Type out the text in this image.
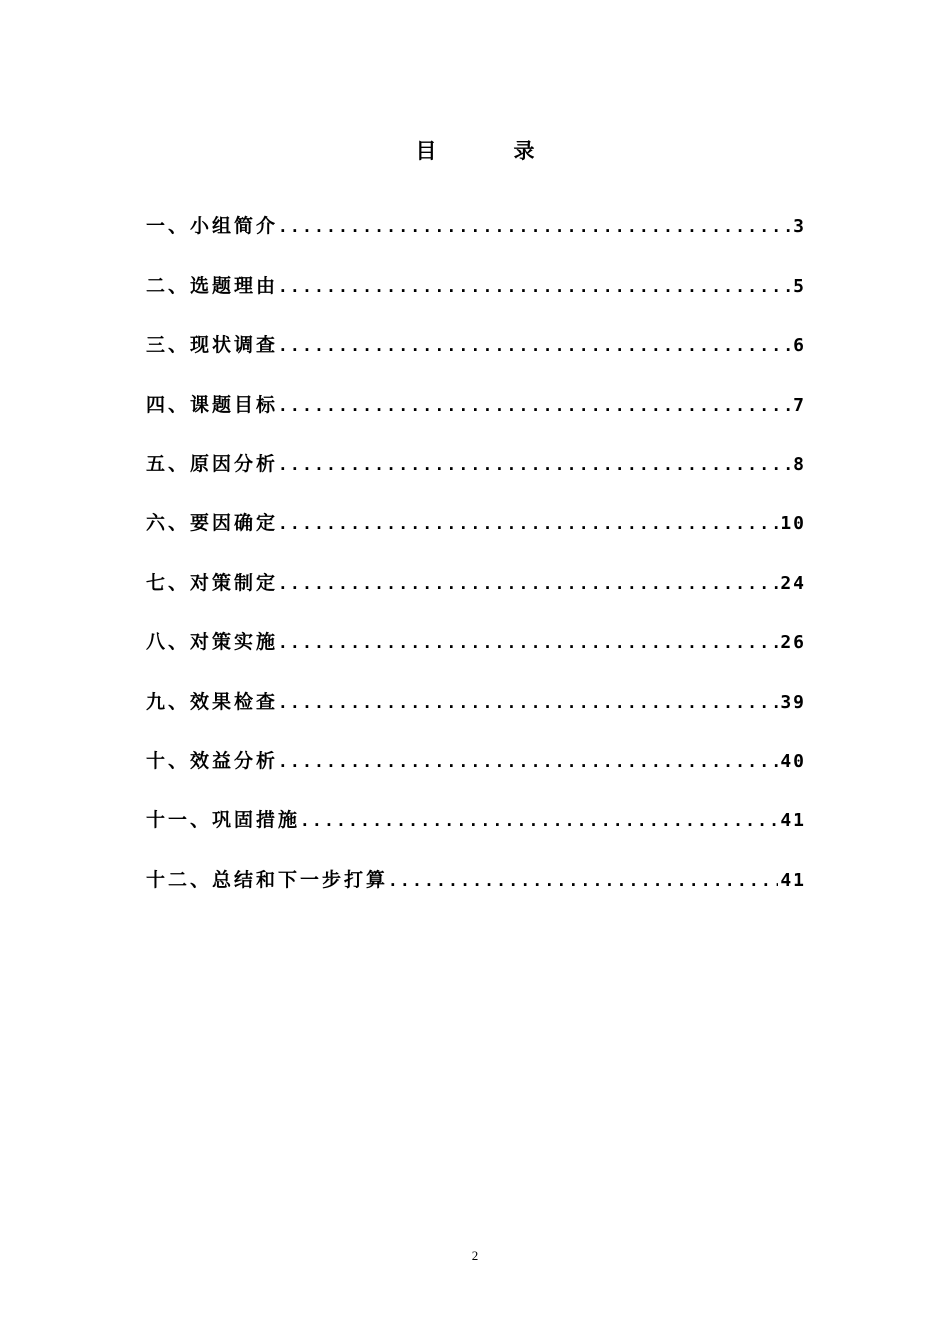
目　录
一、小组简介 .....	3
二、选题理由 .....	5
三、现状调查 .....	6
四、课题目标 .....	7
五、原因分析 .....	8
六、要因确定 .....	10
七、对策制定 .....	24
八、对策实施 .....	26
九、效果检查 .....	39
十、效益分析 .....	40
十一、巩固措施 .....	41
十二、总结和下一步打算 .....	41
2
